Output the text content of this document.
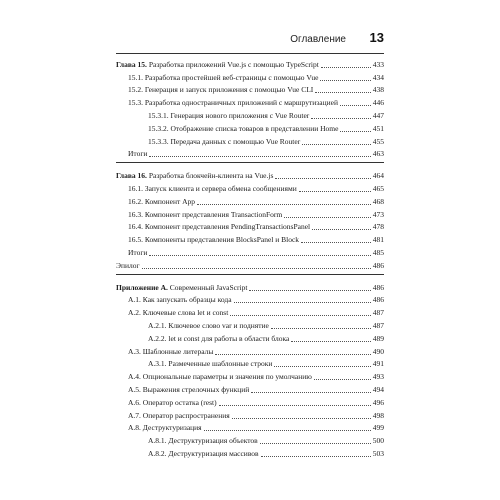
Оглавление 13
Глава 15. Разработка приложений Vue.js с помощью TypeScript	433
15.1. Разработка простейшей веб-страницы с помощью Vue	434
15.2. Генерация и запуск приложения с помощью Vue CLI	438
15.3. Разработка одностраничных приложений с маршрутизацией	446
15.3.1. Генерация нового приложения с Vue Router	447
15.3.2. Отображение списка товаров в представлении Home	451
15.3.3. Передача данных с помощью Vue Router	455
Итоги	463
Глава 16. Разработка блокчейн-клиента на Vue.js	464
16.1. Запуск клиента и сервера обмена сообщениями	465
16.2. Компонент App	468
16.3. Компонент представления TransactionForm	473
16.4. Компонент представления PendingTransactionsPanel	478
16.5. Компоненты представления BlocksPanel и Block	481
Итоги	485
Эпилог	486
Приложение А. Современный JavaScript	486
А.1. Как запускать образцы кода	486
А.2. Ключевые слова let и const	487
А.2.1. Ключевое слово var и поднятие	487
А.2.2. let и const для работы в области блока	489
А.3. Шаблонные литералы	490
А.3.1. Размеченные шаблонные строки	491
А.4. Опциональные параметры и значения по умолчанию	493
А.5. Выражения стрелочных функций	494
А.6. Оператор остатка (rest)	496
А.7. Оператор распространения	498
А.8. Деструктуризация	499
А.8.1. Деструктуризация объектов	500
А.8.2. Деструктуризация массивов	503
